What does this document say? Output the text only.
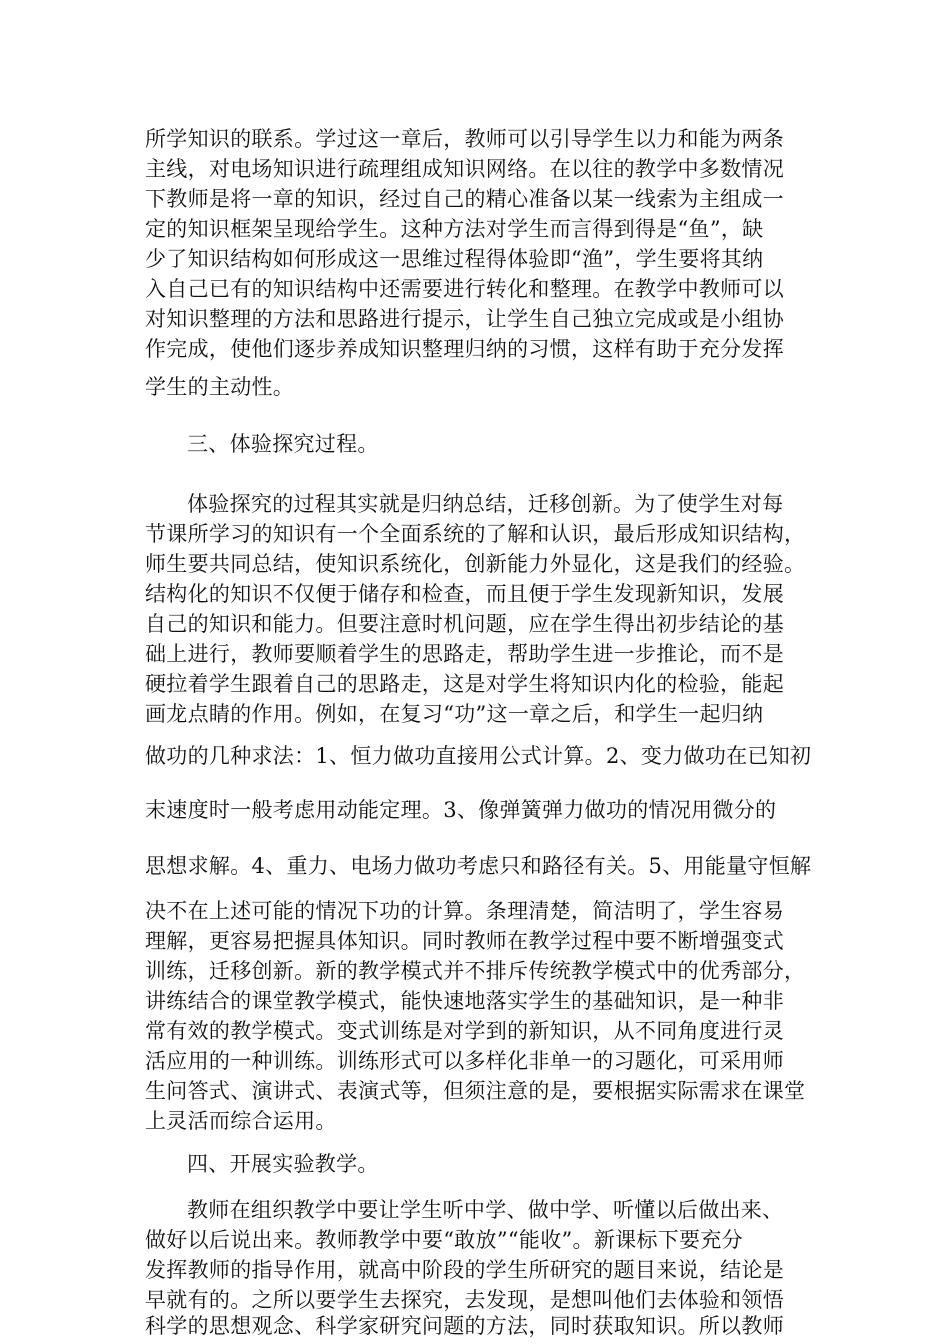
所学知识的联系。学过这一章后，教师可以引导学生以力和能为两条
主线，对电场知识进行疏理组成知识网络。在以往的教学中多数情况
下教师是将一章的知识，经过自己的精心准备以某一线索为主组成一
定的知识框架呈现给学生。这种方法对学生而言得到得是“鱼”，缺
少了知识结构如何形成这一思维过程得体验即“渔”，学生要将其纳
入自己已有的知识结构中还需要进行转化和整理。在教学中教师可以
对知识整理的方法和思路进行提示，让学生自己独立完成或是小组协
作完成，使他们逐步养成知识整理归纳的习惯，这样有助于充分发挥
学生的主动性。
三、体验探究过程。
体验探究的过程其实就是归纳总结，迁移创新。为了使学生对每
节课所学习的知识有一个全面系统的了解和认识，最后形成知识结构，
师生要共同总结，使知识系统化，创新能力外显化，这是我们的经验。
结构化的知识不仅便于储存和检查，而且便于学生发现新知识，发展
自己的知识和能力。但要注意时机问题，应在学生得出初步结论的基
础上进行，教师要顺着学生的思路走，帮助学生进一步推论，而不是
硬拉着学生跟着自己的思路走，这是对学生将知识内化的检验，能起
画龙点睛的作用。例如，在复习“功”这一章之后，和学生一起归纳
做功的几种求法：1、恒力做功直接用公式计算。2、变力做功在已知初
末速度时一般考虑用动能定理。3、像弹簧弹力做功的情况用微分的
思想求解。4、重力、电场力做功考虑只和路径有关。5、用能量守恒解
决不在上述可能的情况下功的计算。条理清楚，简洁明了，学生容易
理解，更容易把握具体知识。同时教师在教学过程中要不断增强变式
训练，迁移创新。新的教学模式并不排斥传统教学模式中的优秀部分，
讲练结合的课堂教学模式，能快速地落实学生的基础知识，是一种非
常有效的教学模式。变式训练是对学到的新知识，从不同角度进行灵
活应用的一种训练。训练形式可以多样化非单一的习题化，可采用师
生问答式、演讲式、表演式等，但须注意的是，要根据实际需求在课堂
上灵活而综合运用。
四、开展实验教学。
教师在组织教学中要让学生听中学、做中学、听懂以后做出来、
做好以后说出来。教师教学中要“敢放”“能收”。新课标下要充分
发挥教师的指导作用，就高中阶段的学生所研究的题目来说，结论是
早就有的。之所以要学生去探究，去发现，是想叫他们去体验和领悟
科学的思想观念、科学家研究问题的方法，同时获取知识。所以教师
